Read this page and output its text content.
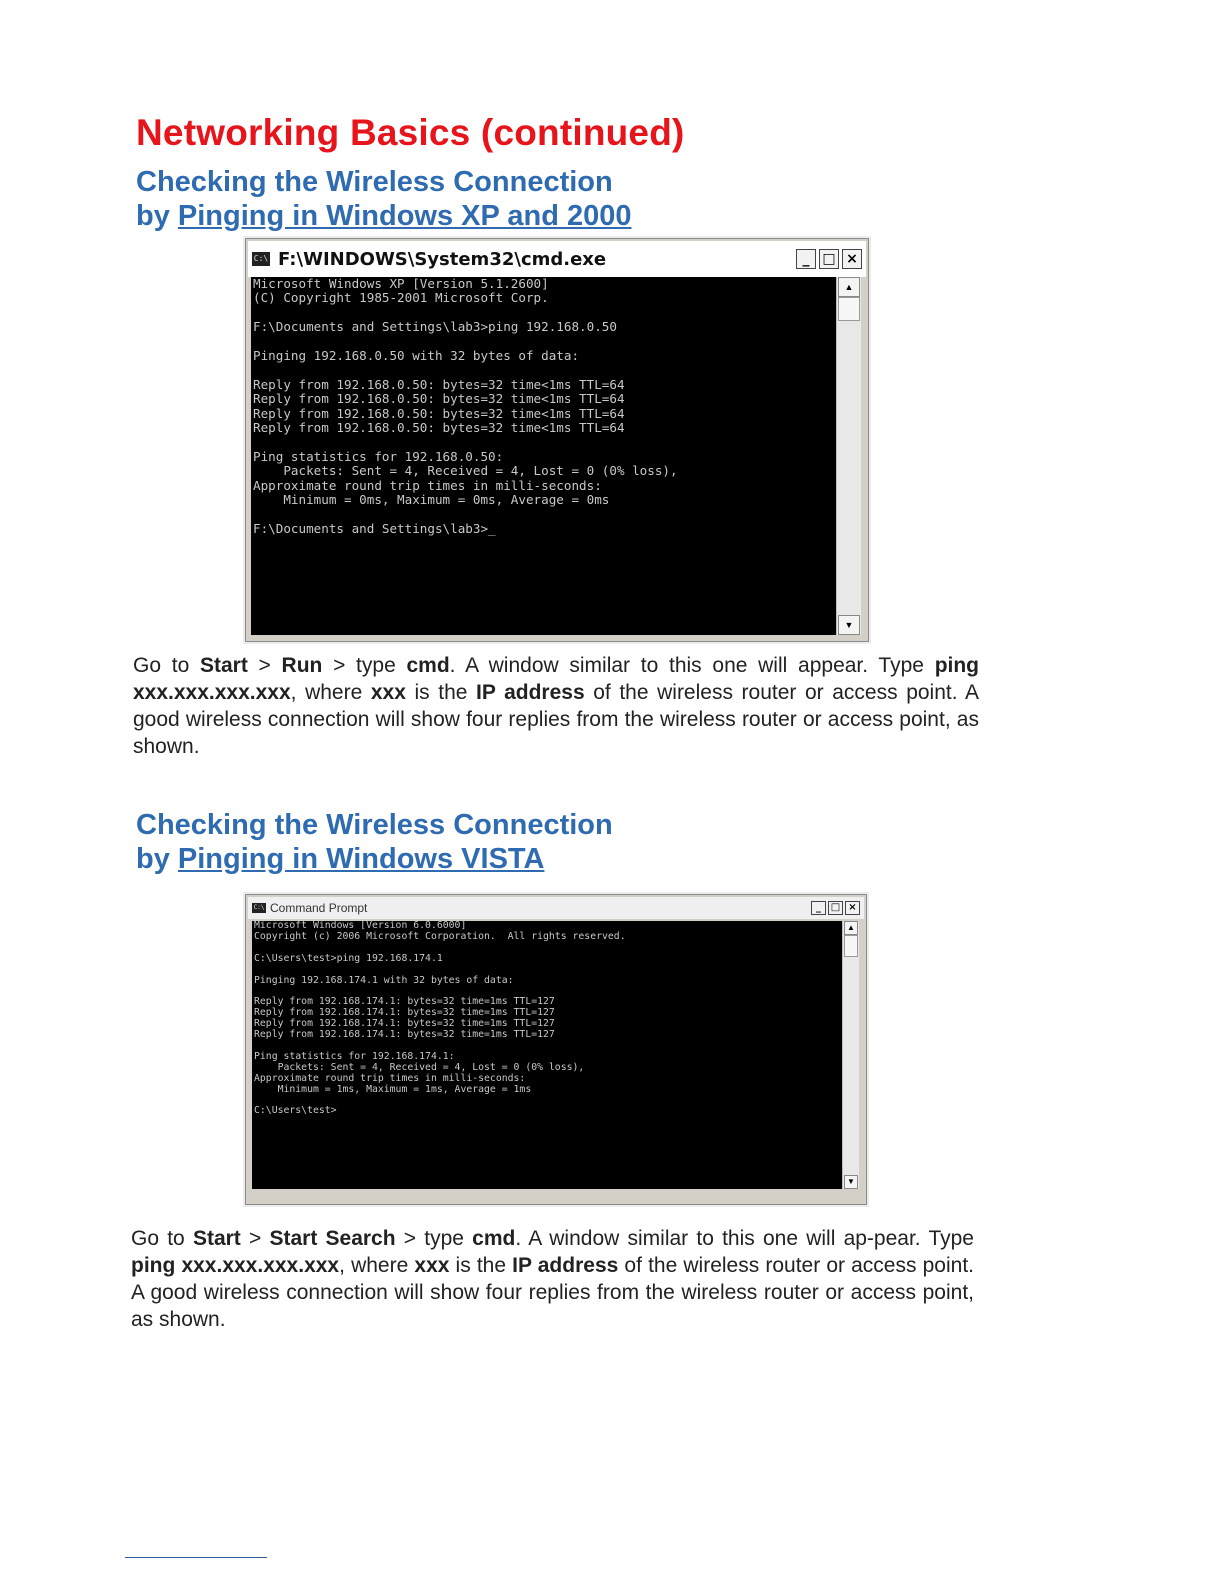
Networking Basics (continued)
Checking the Wireless Connection
by Pinging in Windows XP and 2000
C:\ F:\WINDOWS\System32\cmd.exe	_ □ ×
Microsoft Windows XP [Version 5.1.2600]
(C) Copyright 1985-2001 Microsoft Corp.

F:\Documents and Settings\lab3>ping 192.168.0.50

Pinging 192.168.0.50 with 32 bytes of data:

Reply from 192.168.0.50: bytes=32 time<1ms TTL=64
Reply from 192.168.0.50: bytes=32 time<1ms TTL=64
Reply from 192.168.0.50: bytes=32 time<1ms TTL=64
Reply from 192.168.0.50: bytes=32 time<1ms TTL=64

Ping statistics for 192.168.0.50:
Packets: Sent = 4, Received = 4, Lost = 0 (0% loss),
Approximate round trip times in milli-seconds:
Minimum = 0ms, Maximum = 0ms, Average = 0ms

F:\Documents and Settings\lab3>_
▲
▼

Go to Start > Run > type cmd. A window similar to this one will appear. Type ping xxx.xxx.xxx.xxx, where xxx is the IP address of the wireless router or access point. A good wireless connection will show four replies from the wireless router or access point, as shown.

Checking the Wireless Connection
by Pinging in Windows VISTA
C:\ Command Prompt	_ □ ×
Microsoft Windows [Version 6.0.6000]
Copyright (c) 2006 Microsoft Corporation.  All rights reserved.

C:\Users\test>ping 192.168.174.1

Pinging 192.168.174.1 with 32 bytes of data:

Reply from 192.168.174.1: bytes=32 time=1ms TTL=127
Reply from 192.168.174.1: bytes=32 time=1ms TTL=127
Reply from 192.168.174.1: bytes=32 time=1ms TTL=127
Reply from 192.168.174.1: bytes=32 time=1ms TTL=127

Ping statistics for 192.168.174.1:
Packets: Sent = 4, Received = 4, Lost = 0 (0% loss),
Approximate round trip times in milli-seconds:
Minimum = 1ms, Maximum = 1ms, Average = 1ms

C:\Users\test>
▲
▼

Go to Start > Start Search > type cmd. A window similar to this one will ap-pear. Type ping xxx.xxx.xxx.xxx, where xxx is the IP address of the wireless router or access point. A good wireless connection will show four replies from the wireless router or access point, as shown.
